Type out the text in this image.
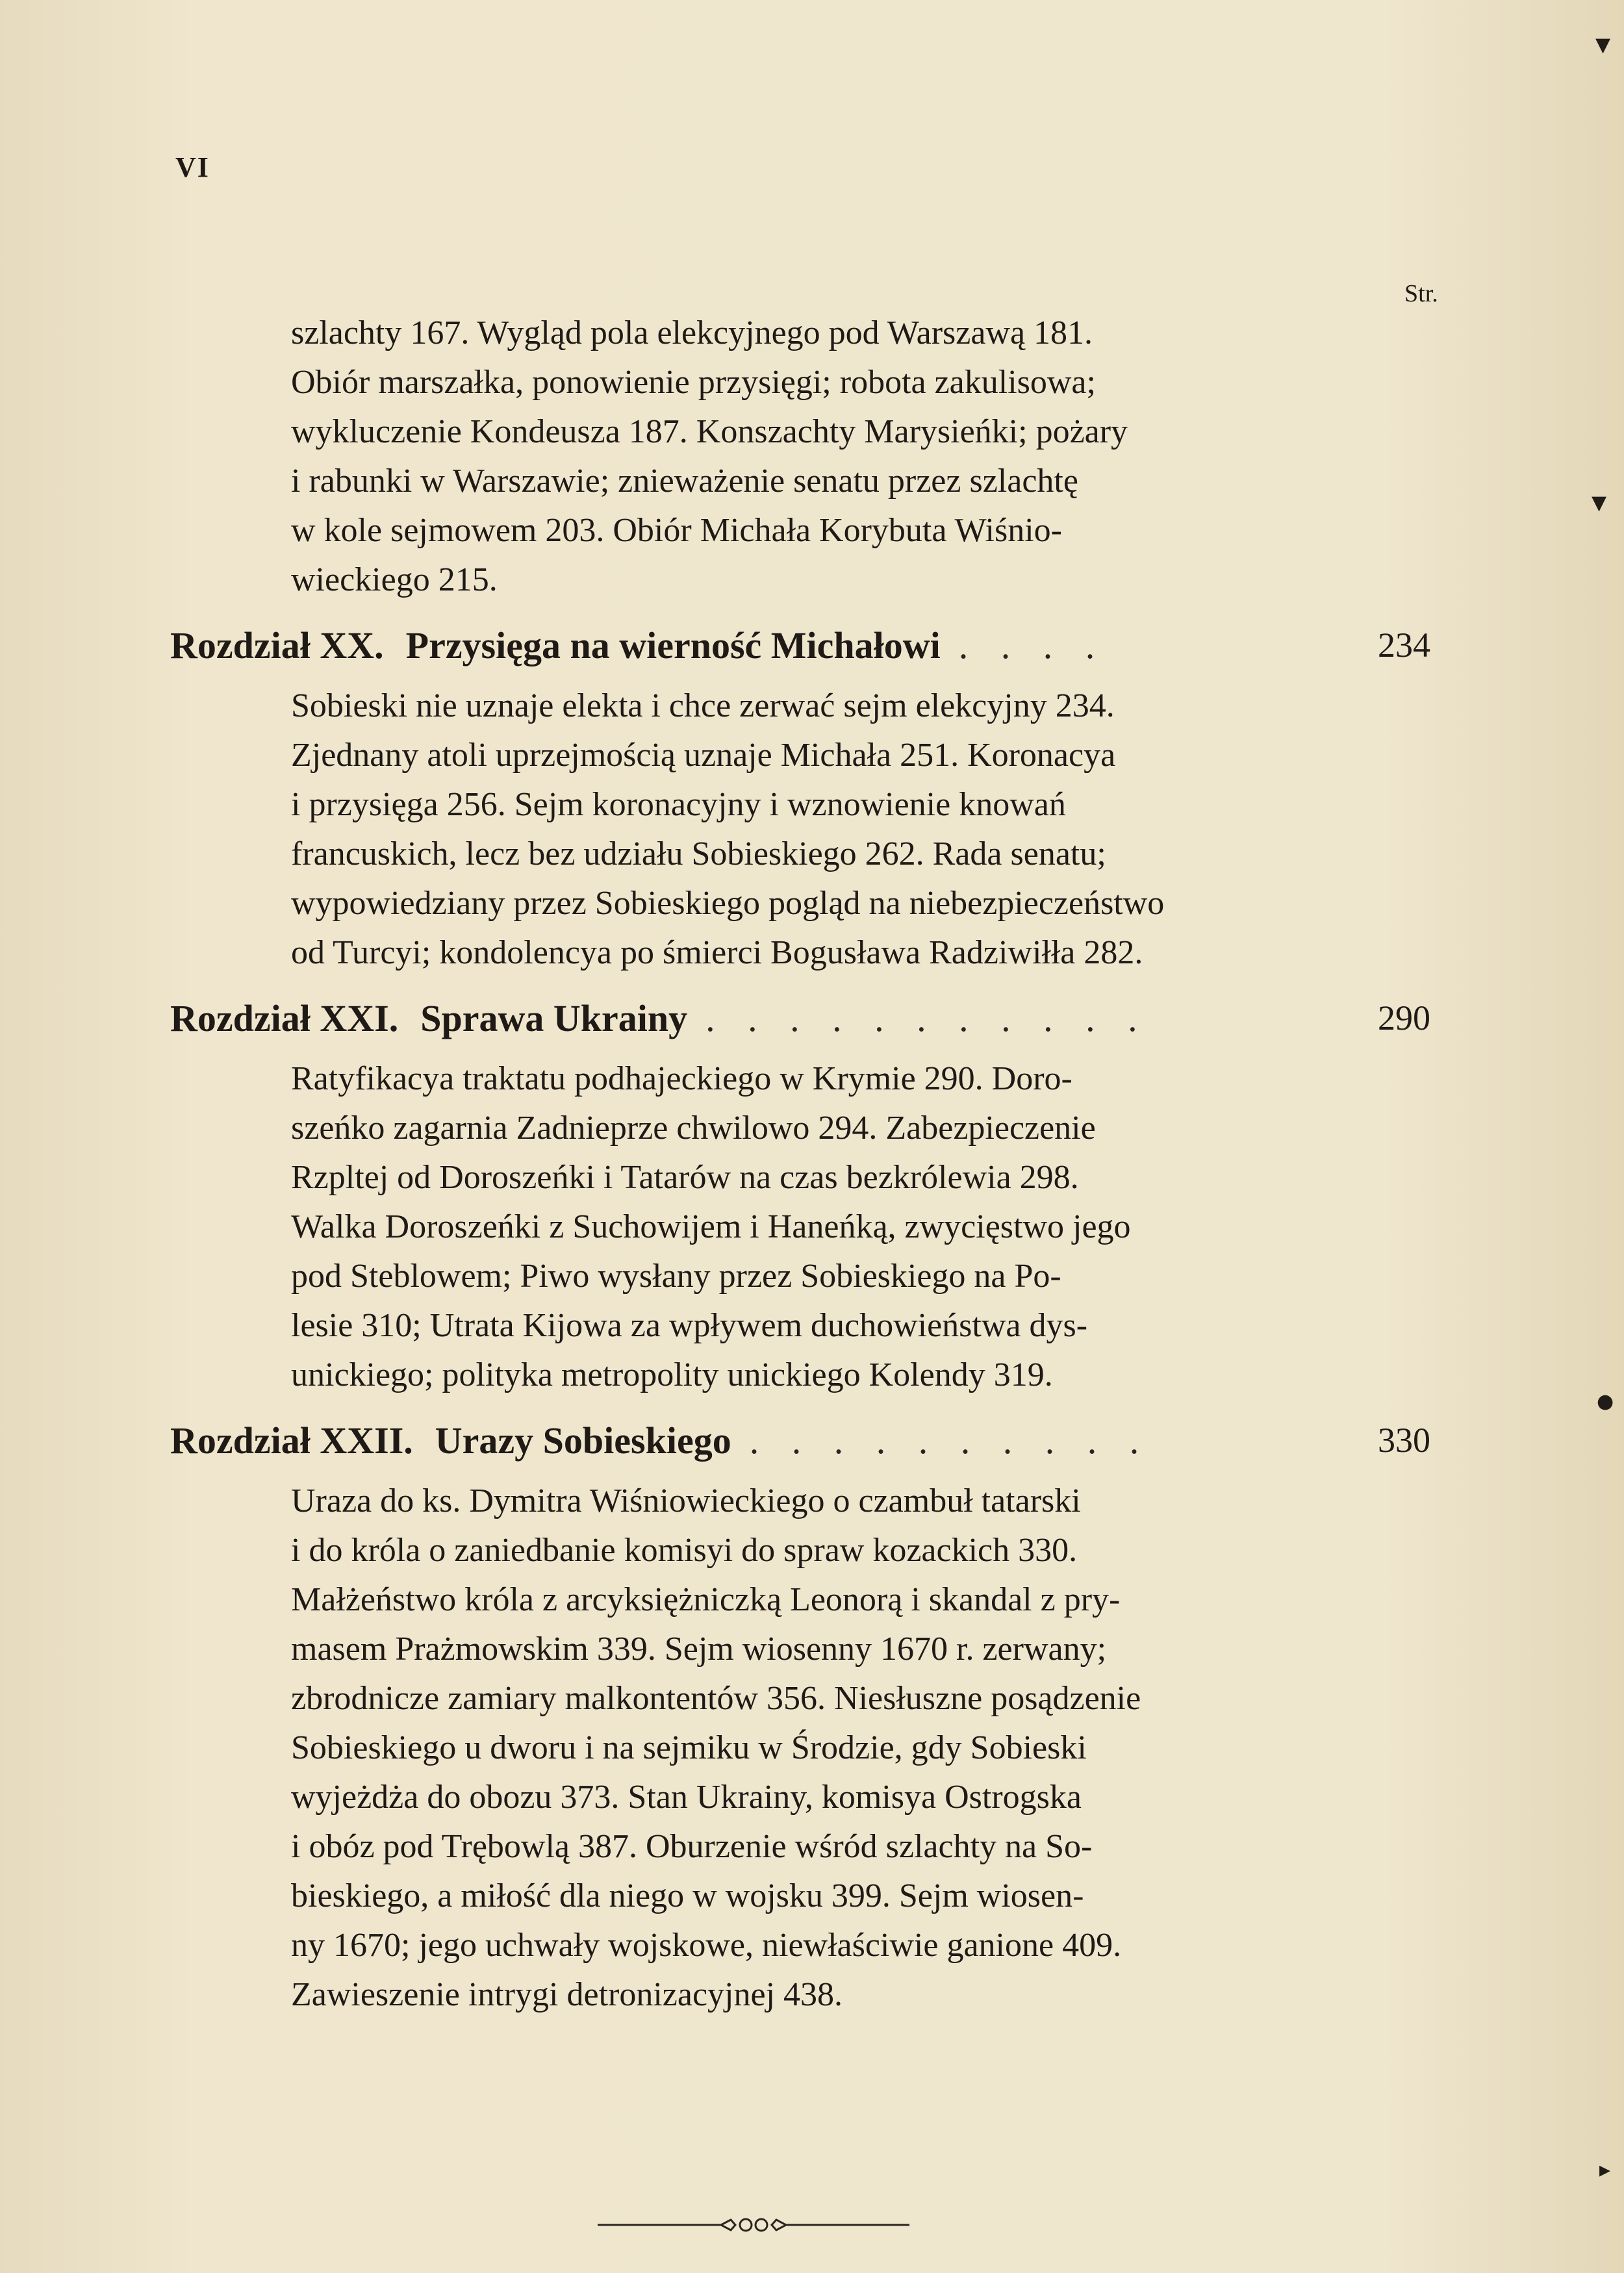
VI
Str.
szlachty 167. Wygląd pola elekcyjnego pod Warszawą 181.
Obiór marszałka, ponowienie przysięgi; robota zakulisowa;
wykluczenie Kondeusza 187. Konszachty Marysieńki; pożary
i rabunki w Warszawie; znieważenie senatu przez szlachtę
w kole sejmowem 203. Obiór Michała Korybuta Wiśnio-
wieckiego 215.
Rozdział XX. Przysięga na wierność Michałowi . . . .	234
Sobieski nie uznaje elekta i chce zerwać sejm elekcyjny 234.
Zjednany atoli uprzejmością uznaje Michała 251. Koronacya
i przysięga 256. Sejm koronacyjny i wznowienie knowań
francuskich, lecz bez udziału Sobieskiego 262. Rada senatu;
wypowiedziany przez Sobieskiego pogląd na niebezpieczeństwo
od Turcyi; kondolencya po śmierci Bogusława Radziwiłła 282.
Rozdział XXI. Sprawa Ukrainy . . . . . . . . . . .	290
Ratyfikacya traktatu podhajeckiego w Krymie 290. Doro-
szeńko zagarnia Zadnieprze chwilowo 294. Zabezpieczenie
Rzpltej od Doroszeńki i Tatarów na czas bezkrólewia 298.
Walka Doroszeńki z Suchowijem i Haneńką, zwycięstwo jego
pod Steblowem; Piwo wysłany przez Sobieskiego na Po-
lesie 310; Utrata Kijowa za wpływem duchowieństwa dys-
unickiego; polityka metropolity unickiego Kolendy 319.
Rozdział XXII. Urazy Sobieskiego . . . . . . . . . .	330
Uraza do ks. Dymitra Wiśniowieckiego o czambuł tatarski
i do króla o zaniedbanie komisyi do spraw kozackich 330.
Małżeństwo króla z arcyksiężniczką Leonorą i skandal z pry-
masem Prażmowskim 339. Sejm wiosenny 1670 r. zerwany;
zbrodnicze zamiary malkontentów 356. Niesłuszne posądzenie
Sobieskiego u dworu i na sejmiku w Środzie, gdy Sobieski
wyjeżdża do obozu 373. Stan Ukrainy, komisya Ostrogska
i obóz pod Trębowlą 387. Oburzenie wśród szlachty na So-
bieskiego, a miłość dla niego w wojsku 399. Sejm wiosen-
ny 1670; jego uchwały wojskowe, niewłaściwie ganione 409.
Zawieszenie intrygi detronizacyjnej 438.
▾
▾
●
▸
